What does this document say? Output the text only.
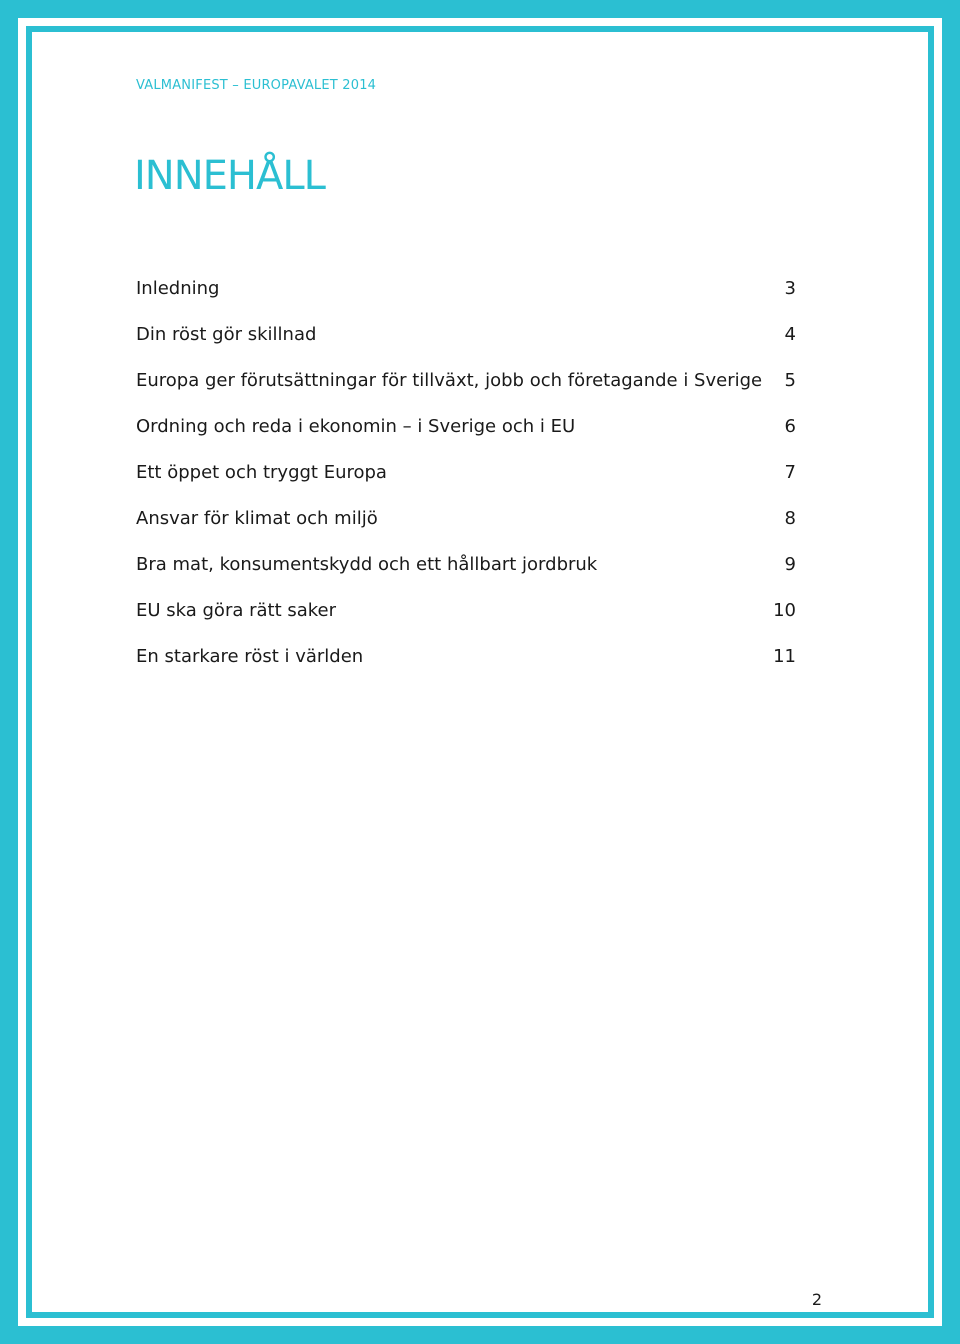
VALMANIFEST – EUROPAVALET 2014
INNEHÅLL
Inledning	3
Din röst gör skillnad	4
Europa ger förutsättningar för tillväxt, jobb och företagande i Sverige 5
Ordning och reda i ekonomin – i Sverige och i EU	6
Ett öppet och tryggt Europa	7
Ansvar för klimat och miljö	8
Bra mat, konsumentskydd och ett hållbart jordbruk	9
EU ska göra rätt saker	10
En starkare röst i världen	11
2
